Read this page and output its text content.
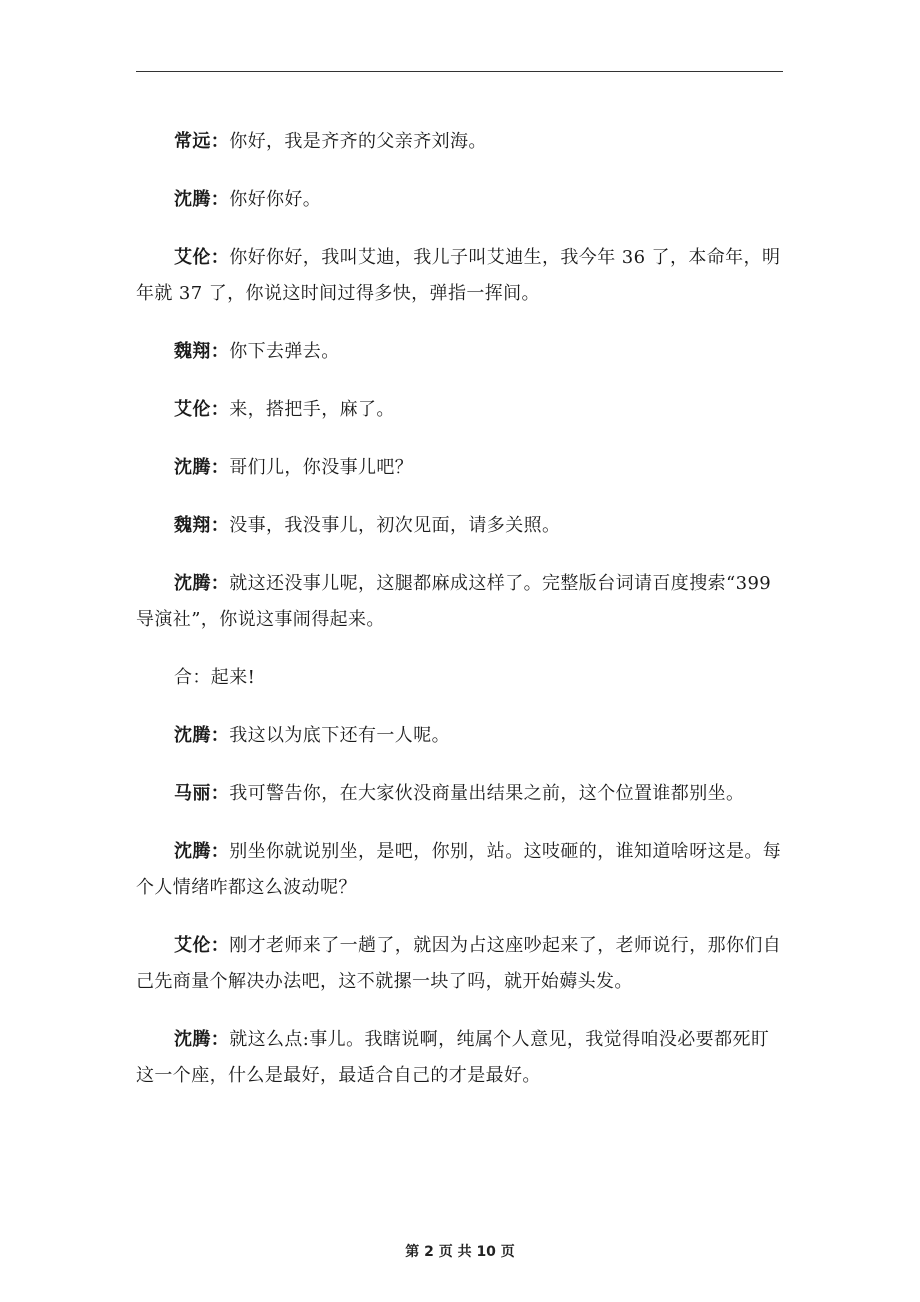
常远：你好，我是齐齐的父亲齐刘海。

沈腾：你好你好。

艾伦：你好你好，我叫艾迪，我儿子叫艾迪生，我今年 36 了，本命年，明年就 37 了，你说这时间过得多快，弹指一挥间。

魏翔：你下去弹去。

艾伦：来，搭把手，麻了。

沈腾：哥们儿，你没事儿吧？

魏翔：没事，我没事儿，初次见面，请多关照。

沈腾：就这还没事儿呢，这腿都麻成这样了。完整版台词请百度搜索“399 导演社”，你说这事闹得起来。

合：起来!

沈腾：我这以为底下还有一人呢。

马丽：我可警告你，在大家伙没商量出结果之前，这个位置谁都别坐。

沈腾：别坐你就说别坐，是吧，你别，站。这吱砸的，谁知道啥呀这是。每个人情绪咋都这么波动呢？

艾伦：刚才老师来了一趟了，就因为占这座吵起来了，老师说行，那你们自己先商量个解决办法吧，这不就摞一块了吗，就开始薅头发。

沈腾：就这么点:事儿。我瞎说啊，纯属个人意见，我觉得咱没必要都死盯这一个座，什么是最好，最适合自己的才是最好。

第 2 页 共 10 页
